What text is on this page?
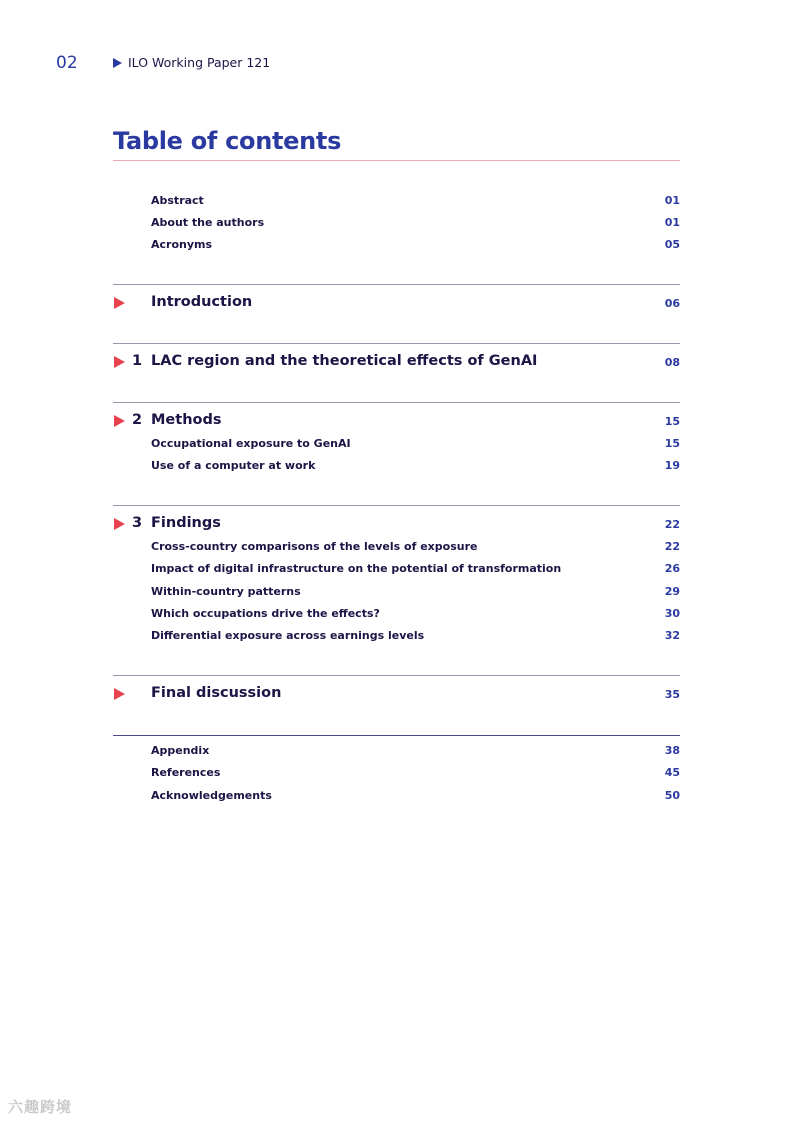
02	ILO Working Paper 121
Table of contents
Abstract	01
About the authors	01
Acronyms	05
Introduction	06
1 LAC region and the theoretical effects of GenAI	08
2 Methods	15
Occupational exposure to GenAI	15
Use of a computer at work	19
3 Findings	22
Cross-country comparisons of the levels of exposure	22
Impact of digital infrastructure on the potential of transformation	26
Within-country patterns	29
Which occupations drive the effects?	30
Differential exposure across earnings levels	32
Final discussion	35
Appendix	38
References	45
Acknowledgements	50
六趣跨境
